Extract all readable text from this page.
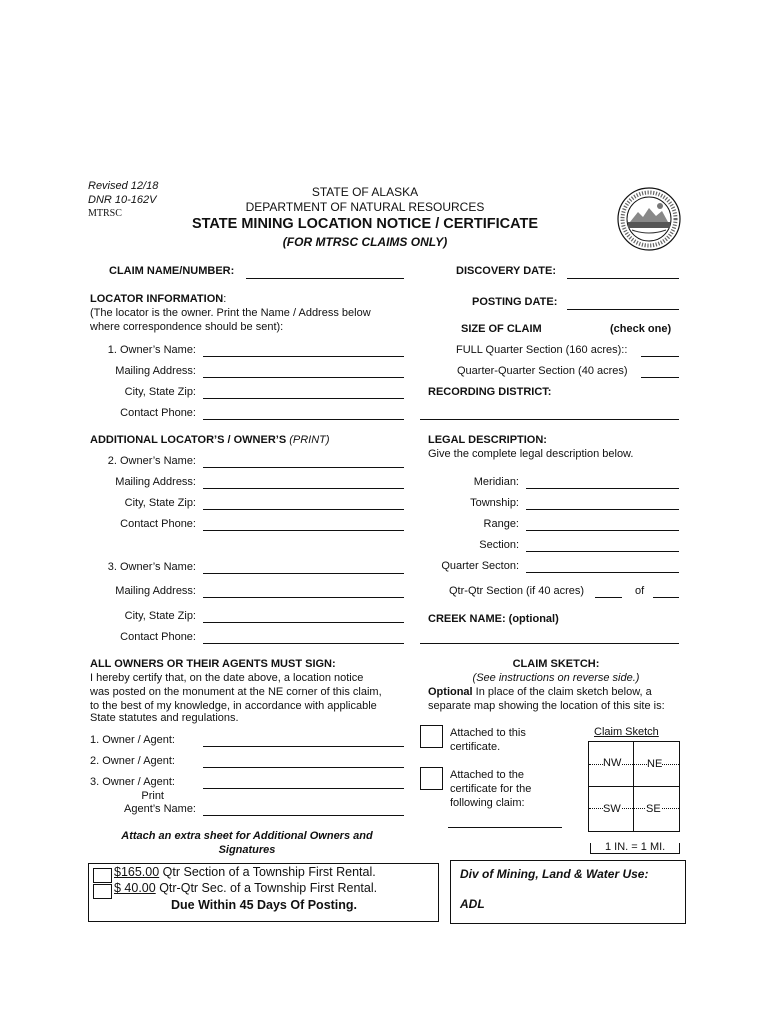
Revised 12/18
DNR 10-162V
MTRSC
STATE OF ALASKA
DEPARTMENT OF NATURAL RESOURCES
STATE MINING LOCATION NOTICE / CERTIFICATE
(FOR MTRSC CLAIMS ONLY)
CLAIM NAME/NUMBER:
LOCATOR INFORMATION:
(The locator is the owner. Print the Name / Address below
where correspondence should be sent):
1. Owner’s Name:
Mailing Address:
City, State Zip:
Contact Phone:
ADDITIONAL LOCATOR’S / OWNER’S (PRINT)
2. Owner’s Name:
Mailing Address:
City, State Zip:
Contact Phone:
3. Owner’s Name:
Mailing Address:
City, State Zip:
Contact Phone:
ALL OWNERS OR THEIR AGENTS MUST SIGN:
I hereby certify that, on the date above, a location notice
was posted on the monument at the NE corner of this claim,
to the best of my knowledge, in accordance with applicable
State statutes and regulations.
1. Owner / Agent:
2. Owner / Agent:
3. Owner / Agent:
Print
Agent’s Name:
Attach an extra sheet for Additional Owners and
Signatures
DISCOVERY DATE:
POSTING DATE:
SIZE OF CLAIM	(check one)
FULL Quarter Section (160 acres)::
Quarter-Quarter Section (40 acres)
RECORDING DISTRICT:
LEGAL DESCRIPTION:
Give the complete legal description below.
Meridian:
Township:
Range:
Section:
Quarter Secton:
Qtr-Qtr Section (if 40 acres)	of
CREEK NAME: (optional)
CLAIM SKETCH:
(See instructions on reverse side.)
Optional In place of the claim sketch below, a
separate map showing the location of this site is:
Attached to this
certificate.
Attached to the
certificate for the
following claim:
Claim Sketch
NW NE
SW SE
1 IN. = 1 MI.
$165.00 Qtr Section of a Township First Rental.
$ 40.00 Qtr-Qtr Sec. of a Township First Rental.
Due Within 45 Days Of Posting.
Div of Mining, Land & Water Use:
ADL
